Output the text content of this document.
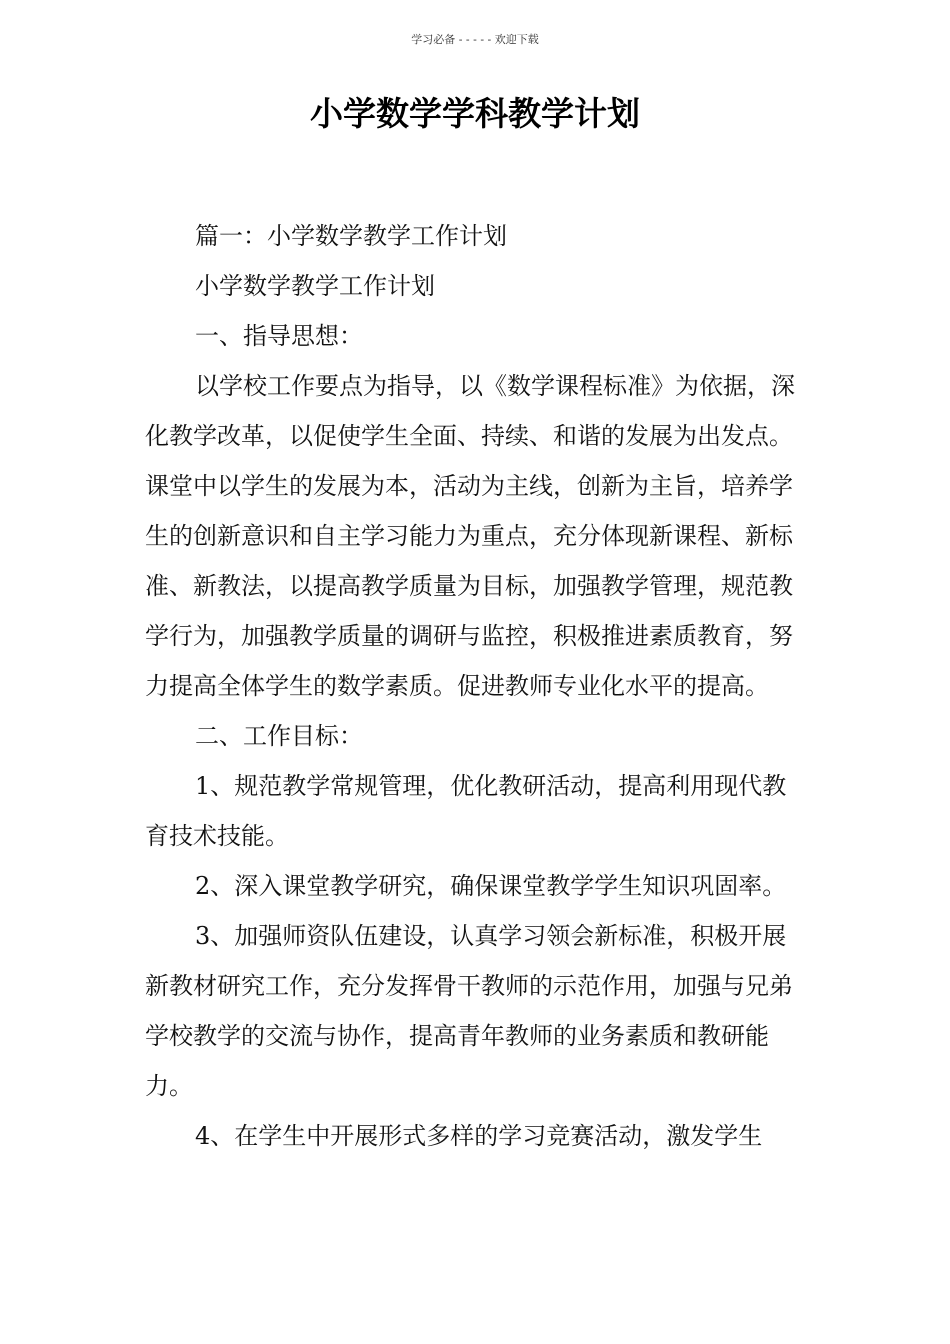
学习必备 - - - - - 欢迎下载
小学数学学科教学计划

篇一：小学数学教学工作计划

小学数学教学工作计划

一、指导思想：

以学校工作要点为指导，以《数学课程标准》为依据，深化教学改革，以促使学生全面、持续、和谐的发展为出发点。课堂中以学生的发展为本，活动为主线，创新为主旨，培养学生的创新意识和自主学习能力为重点，充分体现新课程、新标准、新教法，以提高教学质量为目标，加强教学管理，规范教学行为，加强教学质量的调研与监控，积极推进素质教育，努力提高全体学生的数学素质。促进教师专业化水平的提高。

二、工作目标：

1、规范教学常规管理，优化教研活动，提高利用现代教育技术技能。

2、深入课堂教学研究，确保课堂教学学生知识巩固率。

3、加强师资队伍建设，认真学习领会新标准，积极开展新教材研究工作，充分发挥骨干教师的示范作用，加强与兄弟学校教学的交流与协作，提高青年教师的业务素质和教研能力。

4、在学生中开展形式多样的学习竞赛活动，激发学生
